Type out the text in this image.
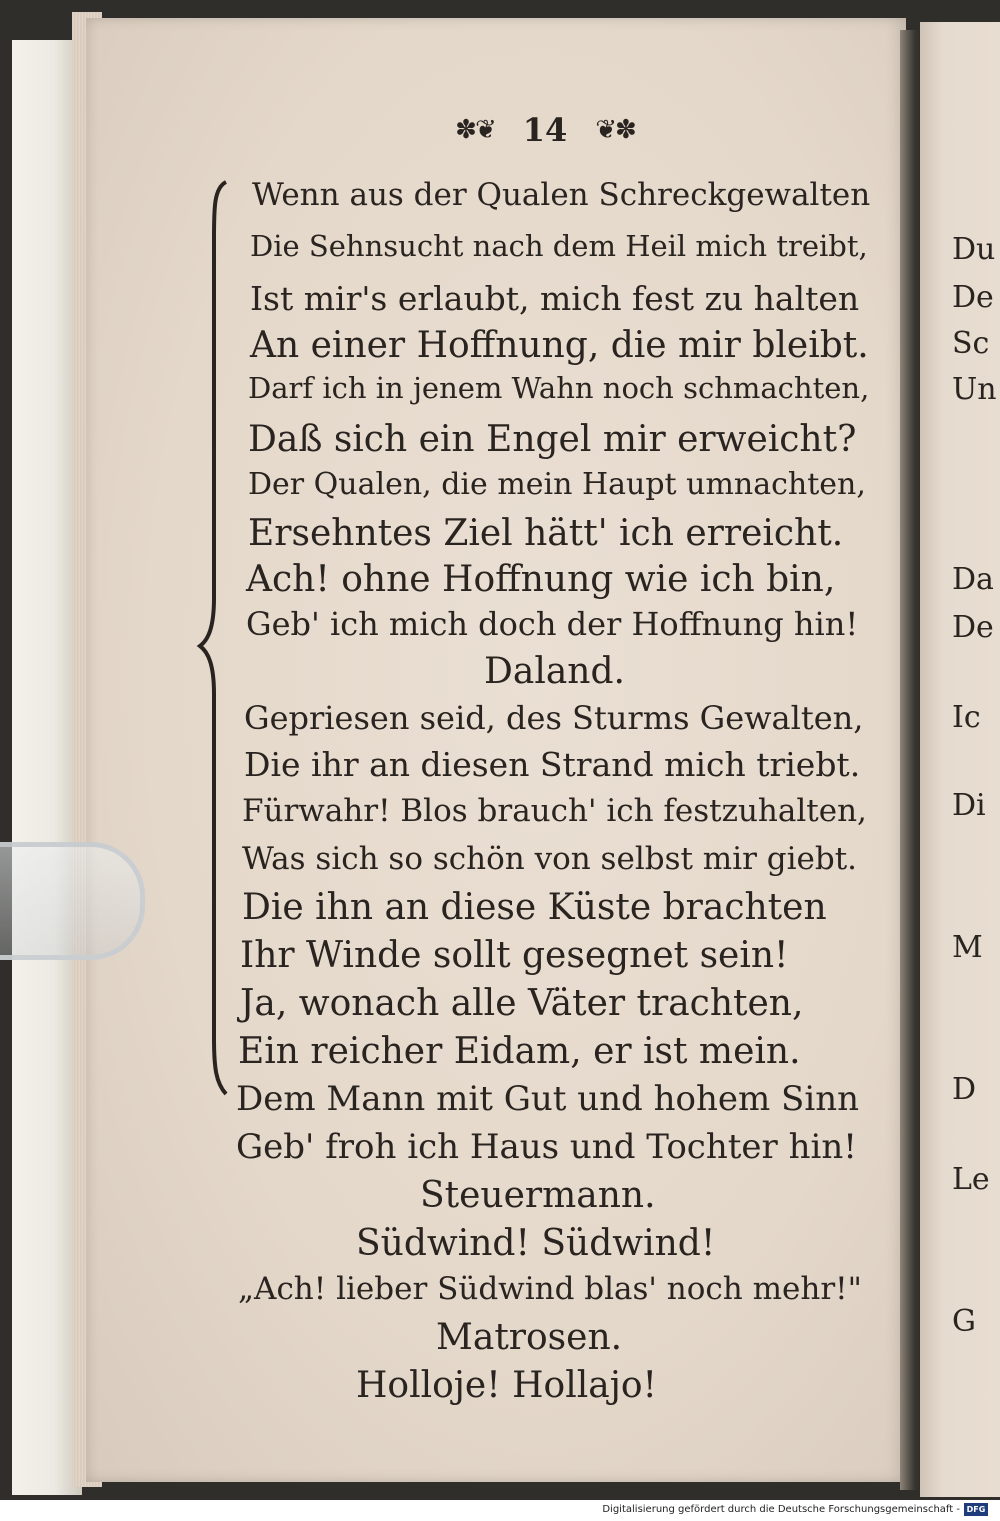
Du
De
Sc
Un
Da
De
Ic
Di
M
D
Le
G
✽❦ 14 ❦✽
Wenn aus der Qualen Schreckgewalten
Die Sehnsucht nach dem Heil mich treibt,
Ist mir's erlaubt, mich fest zu halten
An einer Hoffnung, die mir bleibt.
Darf ich in jenem Wahn noch schmachten,
Daß sich ein Engel mir erweicht?
Der Qualen, die mein Haupt umnachten,
Ersehntes Ziel hätt' ich erreicht.
Ach! ohne Hoffnung wie ich bin,
Geb' ich mich doch der Hoffnung hin!
Daland.
Gepriesen seid, des Sturms Gewalten,
Die ihr an diesen Strand mich triebt.
Fürwahr! Blos brauch' ich festzuhalten,
Was sich so schön von selbst mir giebt.
Die ihn an diese Küste brachten
Ihr Winde sollt gesegnet sein!
Ja, wonach alle Väter trachten,
Ein reicher Eidam, er ist mein.
Dem Mann mit Gut und hohem Sinn
Geb' froh ich Haus und Tochter hin!
Steuermann.
Südwind! Südwind!
„Ach! lieber Südwind blas' noch mehr!"
Matrosen.
Holloje! Hollajo!
Digitalisierung gefördert durch die Deutsche Forschungsgemeinschaft - DFG
